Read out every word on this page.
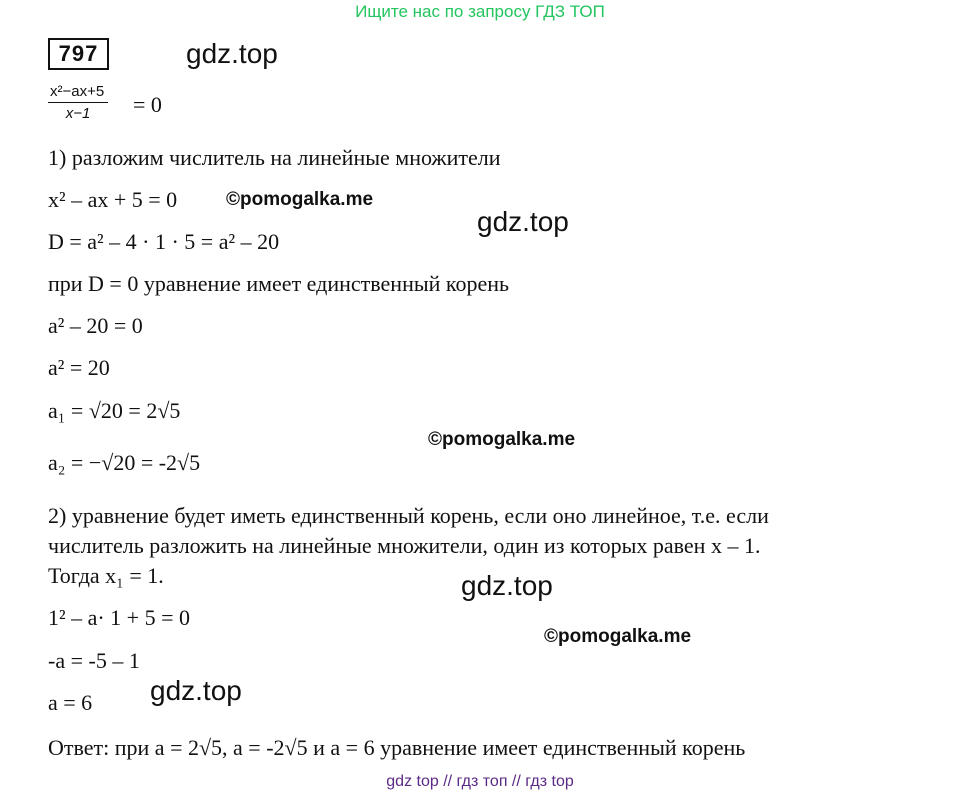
Ищите нас по запросу ГДЗ ТОП
797	gdz.top
gdz.top
gdz.top
gdz.top
©pomogalka.me
©pomogalka.me
©pomogalka.me
$\frac{\text{x²−ax+5}}{x-1} = 0$
1) разложим числитель на линейные множители
x² – ax + 5 = 0
D = a² – 4 · 1 · 5 = a² – 20
при D = 0 уравнение имеет единственный корень
a² – 20 = 0
a² = 20
a₁ = √20 = 2√5
a₂ = −√20 = -2√5
2) уравнение будет иметь единственный корень, если оно линейное, т.е. если
числитель разложить на линейные множители, один из которых равен x – 1.
Тогда x₁ = 1.
1² – a· 1 + 5 = 0
-a = -5 – 1
a = 6
Ответ: при a = 2√5, a = -2√5 и a = 6 уравнение имеет единственный корень
gdz top // гдз топ // гдз top
